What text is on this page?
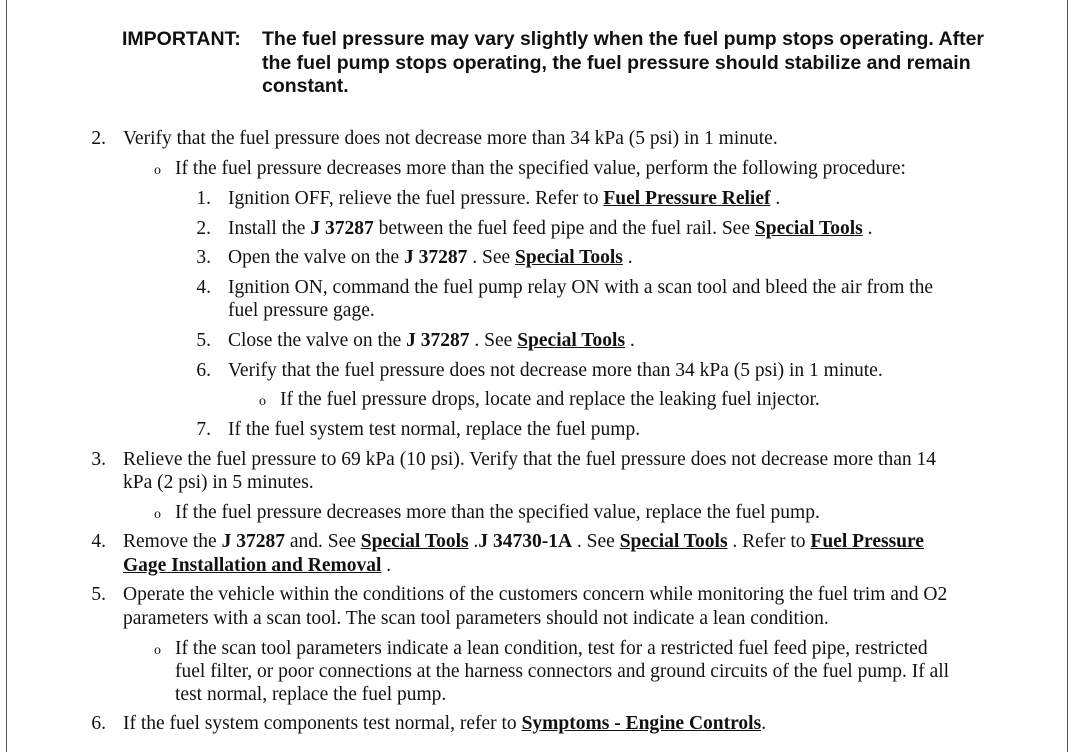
IMPORTANT:	The fuel pressure may vary slightly when the fuel pump stops operating. After the fuel pump stops operating, the fuel pressure should stabilize and remain constant.
2. Verify that the fuel pressure does not decrease more than 34 kPa (5 psi) in 1 minute.
o If the fuel pressure decreases more than the specified value, perform the following procedure:
1. Ignition OFF, relieve the fuel pressure. Refer to Fuel Pressure Relief .
2. Install the J 37287 between the fuel feed pipe and the fuel rail. See Special Tools .
3. Open the valve on the J 37287 . See Special Tools .
4. Ignition ON, command the fuel pump relay ON with a scan tool and bleed the air from the
fuel pressure gage.
5. Close the valve on the J 37287 . See Special Tools .
6. Verify that the fuel pressure does not decrease more than 34 kPa (5 psi) in 1 minute.
o If the fuel pressure drops, locate and replace the leaking fuel injector.
7. If the fuel system test normal, replace the fuel pump.
3. Relieve the fuel pressure to 69 kPa (10 psi). Verify that the fuel pressure does not decrease more than 14
kPa (2 psi) in 5 minutes.
o If the fuel pressure decreases more than the specified value, replace the fuel pump.
4. Remove the J 37287 and. See Special Tools .J 34730-1A . See Special Tools . Refer to Fuel Pressure
Gage Installation and Removal .
5. Operate the vehicle within the conditions of the customers concern while monitoring the fuel trim and O2
parameters with a scan tool. The scan tool parameters should not indicate a lean condition.
o If the scan tool parameters indicate a lean condition, test for a restricted fuel feed pipe, restricted
fuel filter, or poor connections at the harness connectors and ground circuits of the fuel pump. If all
test normal, replace the fuel pump.
6. If the fuel system components test normal, refer to Symptoms - Engine Controls.
